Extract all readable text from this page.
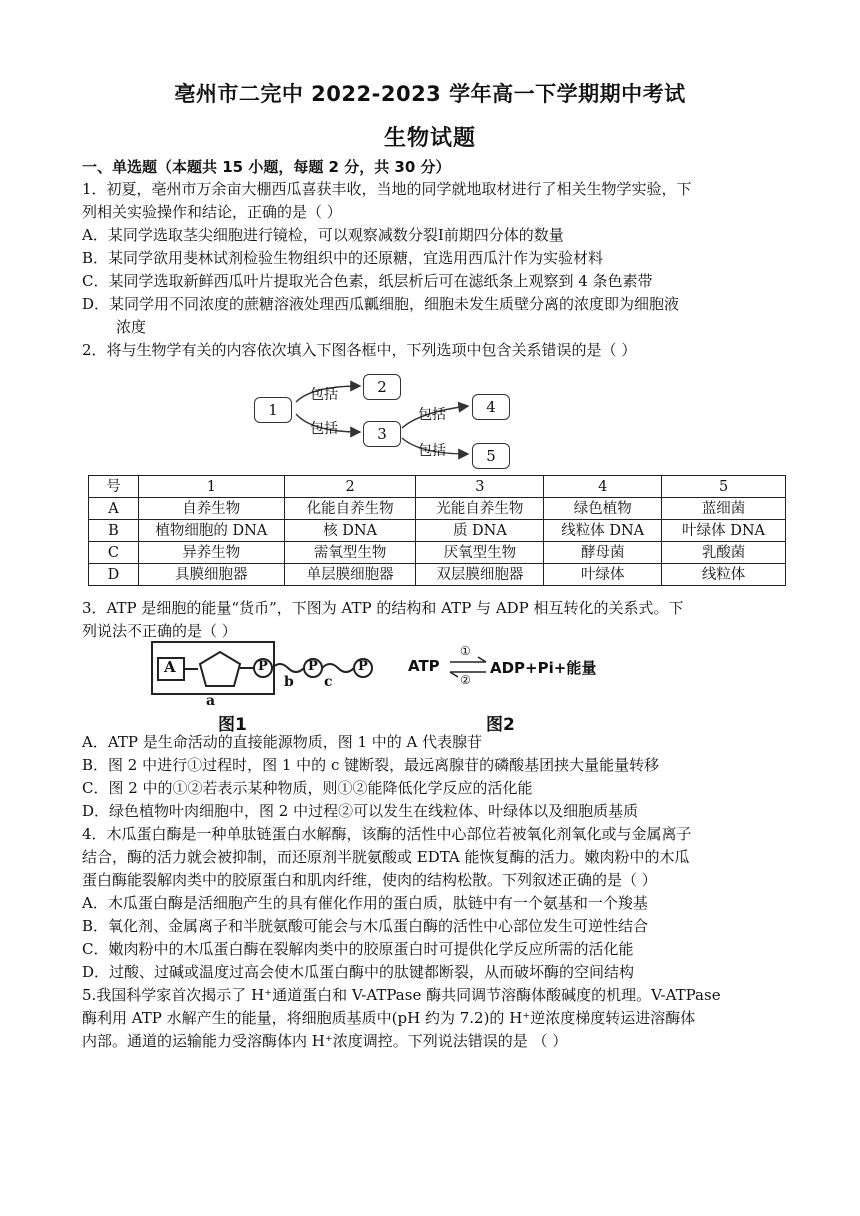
亳州市二完中 2022-2023 学年高一下学期期中考试
生物试题
一、单选题（本题共 15 小题，每题 2 分，共 30 分）
1．初夏，亳州市万余亩大棚西瓜喜获丰收，当地的同学就地取材进行了相关生物学实验，下
列相关实验操作和结论，正确的是（ ）
A．某同学选取茎尖细胞进行镜检，可以观察减数分裂Ⅰ前期四分体的数量
B．某同学欲用斐林试剂检验生物组织中的还原糖，宜选用西瓜汁作为实验材料
C．某同学选取新鲜西瓜叶片提取光合色素，纸层析后可在滤纸条上观察到 4 条色素带
D．某同学用不同浓度的蔗糖溶液处理西瓜瓤细胞，细胞未发生质壁分离的浓度即为细胞液
浓度
2．将与生物学有关的内容依次填入下图各框中，下列选项中包含关系错误的是（ ）
1
2
3
4
5
包括
包括
包括
包括
号	1	2	3	4	5
A	自养生物	化能自养生物	光能自养生物	绿色植物	蓝细菌
B	植物细胞的 DNA	核 DNA	质 DNA	线粒体 DNA	叶绿体 DNA
C	异养生物	需氧型生物	厌氧型生物	酵母菌	乳酸菌
D	具膜细胞器	单层膜细胞器	双层膜细胞器	叶绿体	线粒体
3．ATP 是细胞的能量“货币”，下图为 ATP 的结构和 ATP 与 ADP 相互转化的关系式。下
列说法不正确的是（ ）
A	P	P	P
a
b c
图1
ATP
①
②
ADP+Pi+能量
图2
A．ATP 是生命活动的直接能源物质，图 1 中的 A 代表腺苷
B．图 2 中进行①过程时，图 1 中的 c 键断裂，最远离腺苷的磷酸基团挟大量能量转移
C．图 2 中的①②若表示某种物质，则①②能降低化学反应的活化能
D．绿色植物叶肉细胞中，图 2 中过程②可以发生在线粒体、叶绿体以及细胞质基质
4．木瓜蛋白酶是一种单肽链蛋白水解酶，该酶的活性中心部位若被氧化剂氧化或与金属离子
结合，酶的活力就会被抑制，而还原剂半胱氨酸或 EDTA 能恢复酶的活力。嫩肉粉中的木瓜
蛋白酶能裂解肉类中的胶原蛋白和肌肉纤维，使肉的结构松散。下列叙述正确的是（ ）
A．木瓜蛋白酶是活细胞产生的具有催化作用的蛋白质，肽链中有一个氨基和一个羧基
B．氧化剂、金属离子和半胱氨酸可能会与木瓜蛋白酶的活性中心部位发生可逆性结合
C．嫩肉粉中的木瓜蛋白酶在裂解肉类中的胶原蛋白时可提供化学反应所需的活化能
D．过酸、过碱或温度过高会使木瓜蛋白酶中的肽键都断裂，从而破坏酶的空间结构
5.我国科学家首次揭示了 H⁺通道蛋白和 V-ATPase 酶共同调节溶酶体酸碱度的机理。V-ATPase
酶利用 ATP 水解产生的能量，将细胞质基质中(pH 约为 7.2)的 H⁺逆浓度梯度转运进溶酶体
内部。通道的运输能力受溶酶体内 H⁺浓度调控。下列说法错误的是 （ ）
